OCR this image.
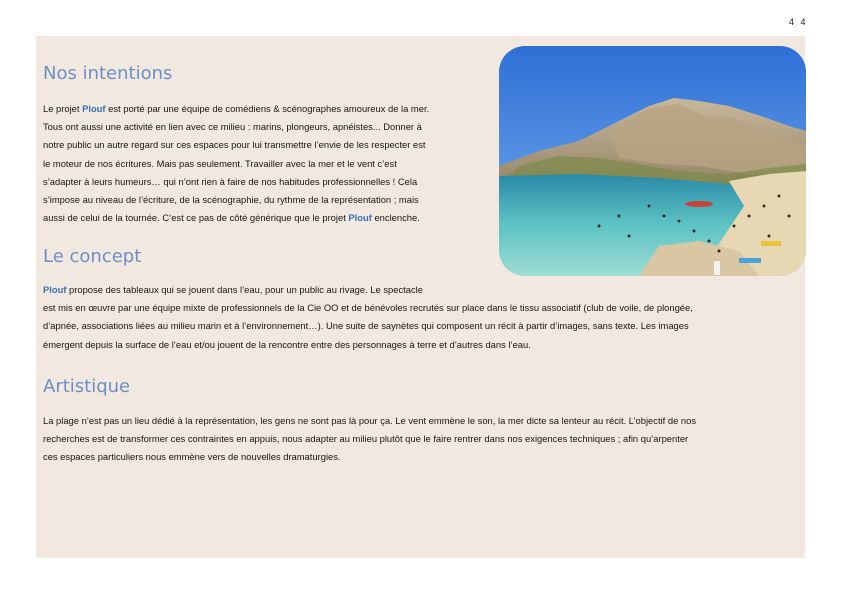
4 4
Nos intentions

Le projet Plouf est porté par une équipe de comédiens & scénographes amoureux de la mer.

Tous ont aussi une activité en lien avec ce milieu : marins, plongeurs, apnéistes... Donner à

notre public un autre regard sur ces espaces pour lui transmettre l’envie de les respecter est

le moteur de nos écritures. Mais pas seulement. Travailler avec la mer et le vent c’est

s’adapter à leurs humeurs… qui n’ont rien à faire de nos habitudes professionnelles ! Cela

s’impose au niveau de l’écriture, de la scénographie, du rythme de la représentation ; mais

aussi de celui de la tournée. C’est ce pas de côté générique que le projet Plouf enclenche.

Le concept

Plouf propose des tableaux qui se jouent dans l’eau, pour un public au rivage. Le spectacle

est mis en œuvre par une équipe mixte de professionnels de la Cie OO et de bénévoles recrutés sur place dans le tissu associatif (club de voile, de plongée,

d’apnée, associations liées au milieu marin et à l’environnement…). Une suite de saynètes qui composent un récit à partir d’images, sans texte. Les images

émergent depuis la surface de l’eau et/ou jouent de la rencontre entre des personnages à terre et d’autres dans l’eau.

Artistique

La plage n’est pas un lieu dédié à la représentation, les gens ne sont pas là pour ça. Le vent emmène le son, la mer dicte sa lenteur au récit. L’objectif de nos

recherches est de transformer ces contraintes en appuis, nous adapter au milieu plutôt que le faire rentrer dans nos exigences techniques ; afin qu’arpenter

ces espaces particuliers nous emmène vers de nouvelles dramaturgies.
